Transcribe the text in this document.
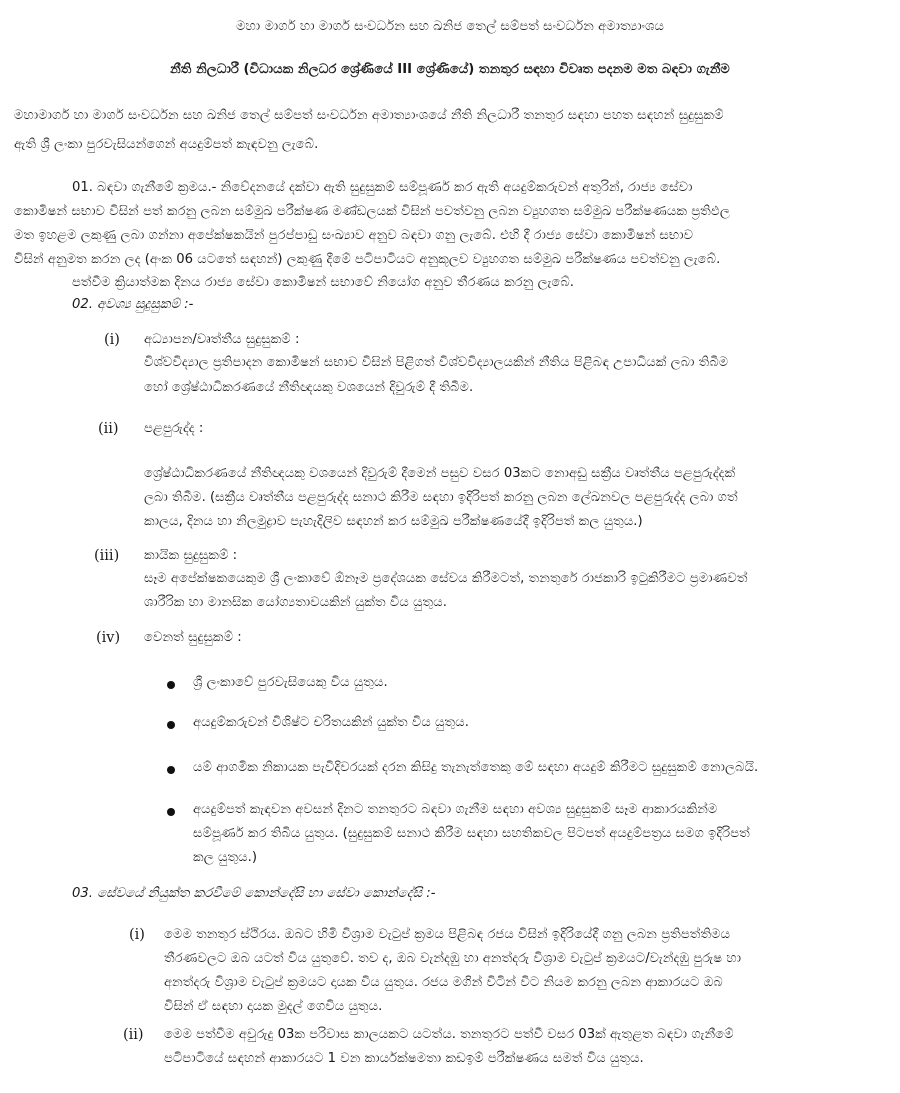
මහා මාර්ග හා මාර්ග සංවර්ධන සහ ඛනිජ තෙල් සම්පත් සංවර්ධන අමාත්‍යාංශය
නීති නිලධාරී (විධායක නිලධර ශ්‍රේණියේ III ශ්‍රේණියේ) තනතුර සඳහා විවෘත පදනම මත බඳවා ගැනීම
මහාමාර්ග හා මාර්ග සංවර්ධන සහ ඛනිජ තෙල් සම්පත් සංවර්ධන අමාත්‍යාංශයේ නීති නිලධාරී තනතුර සඳහා පහත සඳහන් සුදුසුකම්
ඇති ශ්‍රී ලංකා පුරවැසියන්ගෙන් අයදුම්පත් කැඳවනු ලැබේ.
01. බඳවා ගැනීමේ ක්‍රමය.- නිවේදනයේ දක්වා ඇති සුදුසුකම් සම්පූර්ණ කර ඇති අයදුම්කරුවන් අතුරින්, රාජ්‍ය සේවා
කොමිෂන් සභාව විසින් පත් කරනු ලබන සම්මුඛ පරීක්ෂණ මණ්ඩලයක් විසින් පවත්වනු ලබන ව්‍යුහගත සම්මුඛ පරීක්ෂණයක ප්‍රතිඵල
මත ඉහළම ලකුණු ලබා ගන්නා අපේක්ෂකයින් පුරප්පාඩු සංඛ්‍යාව අනුව බඳවා ගනු ලැබේ. එහි දී රාජ්‍ය සේවා කොමිෂන් සභාව
විසින් අනුමත කරන ලද (අංක 06 යටතේ සඳහන්) ලකුණු දීමේ පටිපාටියට අනුකූලව ව්‍යුහගත සම්මුඛ පරීක්ෂණය පවත්වනු ලැබේ.
පත්වීම ක්‍රියාත්මක දිනය රාජ්‍ය සේවා කොමිෂන් සභාවේ නියෝග අනුව තීරණය කරනු ලැබේ.
02. අවශ්‍ය සුදුසුකම් :-
(i) අධ්‍යාපන/වෘත්තීය සුදුසුකම් :
විශ්වවිද්‍යාල ප්‍රතිපාදන කොමිෂන් සභාව විසින් පිළිගත් විශ්වවිද්‍යාලයකින් නීතිය පිළිබඳ උපාධියක් ලබා තිබීම
හෝ ශ්‍රේෂ්ඨාධිකරණයේ නීතිඥයකු වශයෙන් දිවුරුම් දී තිබීම.
(ii) පළපුරුද්ද :
ශ්‍රේෂ්ඨාධිකරණයේ නීතිඥයකු වශයෙන් දිවුරුම් දීමෙන් පසුව වසර 03කට නොඅඩු සක්‍රීය වෘත්තීය පළපුරුද්දක්
ලබා තිබීම. (සක්‍රීය වෘත්තීය පළපුරුද්ද සනාථ කිරීම සඳහා ඉදිරිපත් කරනු ලබන ලේඛනවල පළපුරුද්ද ලබා ගත්
කාලය, දිනය හා නිලමුද්‍රාව පැහැදිලිව සඳහන් කර සම්මුඛ පරීක්ෂණයේදී ඉදිරිපත් කල යුතුය.)
(iii) කායික සුදුසුකම් :
සෑම අපේක්ෂකයෙකුම ශ්‍රී ලංකාවේ ඕනෑම ප්‍රදේශයක සේවය කිරීමටත්, තනතුරේ රාජකාරි ඉටුකිරීමට ප්‍රමාණවත්
ශාරීරික හා මානසික යෝග්‍යතාවයකින් යුක්ත විය යුතුය.
(iv) වෙනත් සුදුසුකම් :
ශ්‍රී ලංකාවේ පුරවැසියෙකු විය යුතුය.
අයදුම්කරුවන් විශිෂ්ට චරිතයකින් යුක්ත විය යුතුය.
යම් ආගමික නිකායක පැවිදිවරයක් දරන කිසිදු තැනැත්තෙකු මේ සඳහා අයදුම් කිරීමට සුදුසුකම් නොලබයි.
අයදුම්පත් කැඳවන අවසන් දිනට තනතුරට බඳවා ගැනීම සඳහා අවශ්‍ය සුදුසුකම් සෑම ආකාරයකින්ම
සම්පූර්ණ කර තිබිය යුතුය. (සුදුසුකම් සනාථ කිරීම සඳහා සහතිකවල පිටපත් අයදුම්පත්‍රය සමග ඉදිරිපත්
කල යුතුය.)
03. සේවයේ නියුක්ත කරවීමේ කොන්දේසි හා සේවා කොන්දේසි :-
(i) මෙම තනතුර ස්ථිරය. ඔබට හිමි විශ්‍රාම වැටුප් ක්‍රමය පිළිබඳ රජය විසින් ඉදිරියේදී ගනු ලබන ප්‍රතිපත්තිමය
තීරණවලට ඔබ යටත් විය යුතුවේ. තව ද, ඔබ වැන්දඹු හා අනත්දරු විශ්‍රාම වැටුප් ක්‍රමයට/වැන්දඹු පුරුෂ හා
අනත්දරු විශ්‍රාම වැටුප් ක්‍රමයට දායක විය යුතුය. රජය මගින් විටින් විට නියම කරනු ලබන ආකාරයට ඔබ
විසින් ඒ සඳහා දායක මුදල් ගෙවිය යුතුය.
(ii) මෙම පත්වීම අවුරුදු 03ක පරිවාස කාලයකට යටත්ය. තනතුරට පත්වී වසර 03ක් ඇතුළත බඳවා ගැනීමේ
පටිපාටියේ සඳහන් ආකාරයට 1 වන කාර්යක්ෂමතා කඩඉම් පරීක්ෂණය සමත් විය යුතුය.
